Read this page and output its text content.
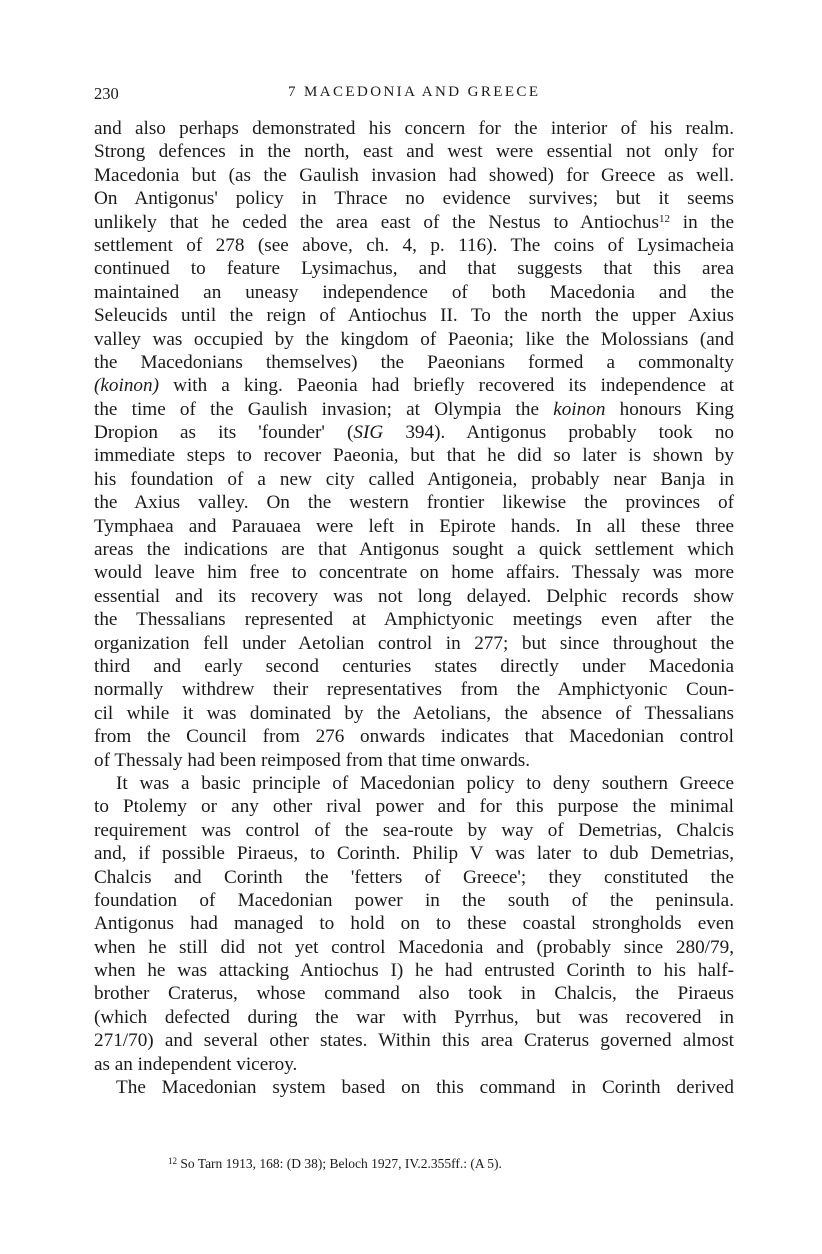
230	7 MACEDONIA AND GREECE
and also perhaps demonstrated his concern for the interior of his realm.
Strong defences in the north, east and west were essential not only for
Macedonia but (as the Gaulish invasion had showed) for Greece as well.
On Antigonus' policy in Thrace no evidence survives; but it seems
unlikely that he ceded the area east of the Nestus to Antiochus$^{12}$ in the
settlement of 278 (see above, ch. 4, p. 116). The coins of Lysimacheia
continued to feature Lysimachus, and that suggests that this area
maintained an uneasy independence of both Macedonia and the
Seleucids until the reign of Antiochus II. To the north the upper Axius
valley was occupied by the kingdom of Paeonia; like the Molossians (and
the Macedonians themselves) the Paeonians formed a commonalty
(koinon) with a king. Paeonia had briefly recovered its independence at
the time of the Gaulish invasion; at Olympia the koinon honours King
Dropion as its 'founder' (SIG 394). Antigonus probably took no
immediate steps to recover Paeonia, but that he did so later is shown by
his foundation of a new city called Antigoneia, probably near Banja in
the Axius valley. On the western frontier likewise the provinces of
Tymphaea and Parauaea were left in Epirote hands. In all these three
areas the indications are that Antigonus sought a quick settlement which
would leave him free to concentrate on home affairs. Thessaly was more
essential and its recovery was not long delayed. Delphic records show
the Thessalians represented at Amphictyonic meetings even after the
organization fell under Aetolian control in 277; but since throughout the
third and early second centuries states directly under Macedonia
normally withdrew their representatives from the Amphictyonic Coun-
cil while it was dominated by the Aetolians, the absence of Thessalians
from the Council from 276 onwards indicates that Macedonian control
of Thessaly had been reimposed from that time onwards.
It was a basic principle of Macedonian policy to deny southern Greece
to Ptolemy or any other rival power and for this purpose the minimal
requirement was control of the sea-route by way of Demetrias, Chalcis
and, if possible Piraeus, to Corinth. Philip V was later to dub Demetrias,
Chalcis and Corinth the 'fetters of Greece'; they constituted the
foundation of Macedonian power in the south of the peninsula.
Antigonus had managed to hold on to these coastal strongholds even
when he still did not yet control Macedonia and (probably since 280/79,
when he was attacking Antiochus I) he had entrusted Corinth to his half-
brother Craterus, whose command also took in Chalcis, the Piraeus
(which defected during the war with Pyrrhus, but was recovered in
271/70) and several other states. Within this area Craterus governed almost
as an independent viceroy.
The Macedonian system based on this command in Corinth derived
$^{12}$ So Tarn 1913, 168: (D 38); Beloch 1927, IV.2.355ff.: (A 5).
